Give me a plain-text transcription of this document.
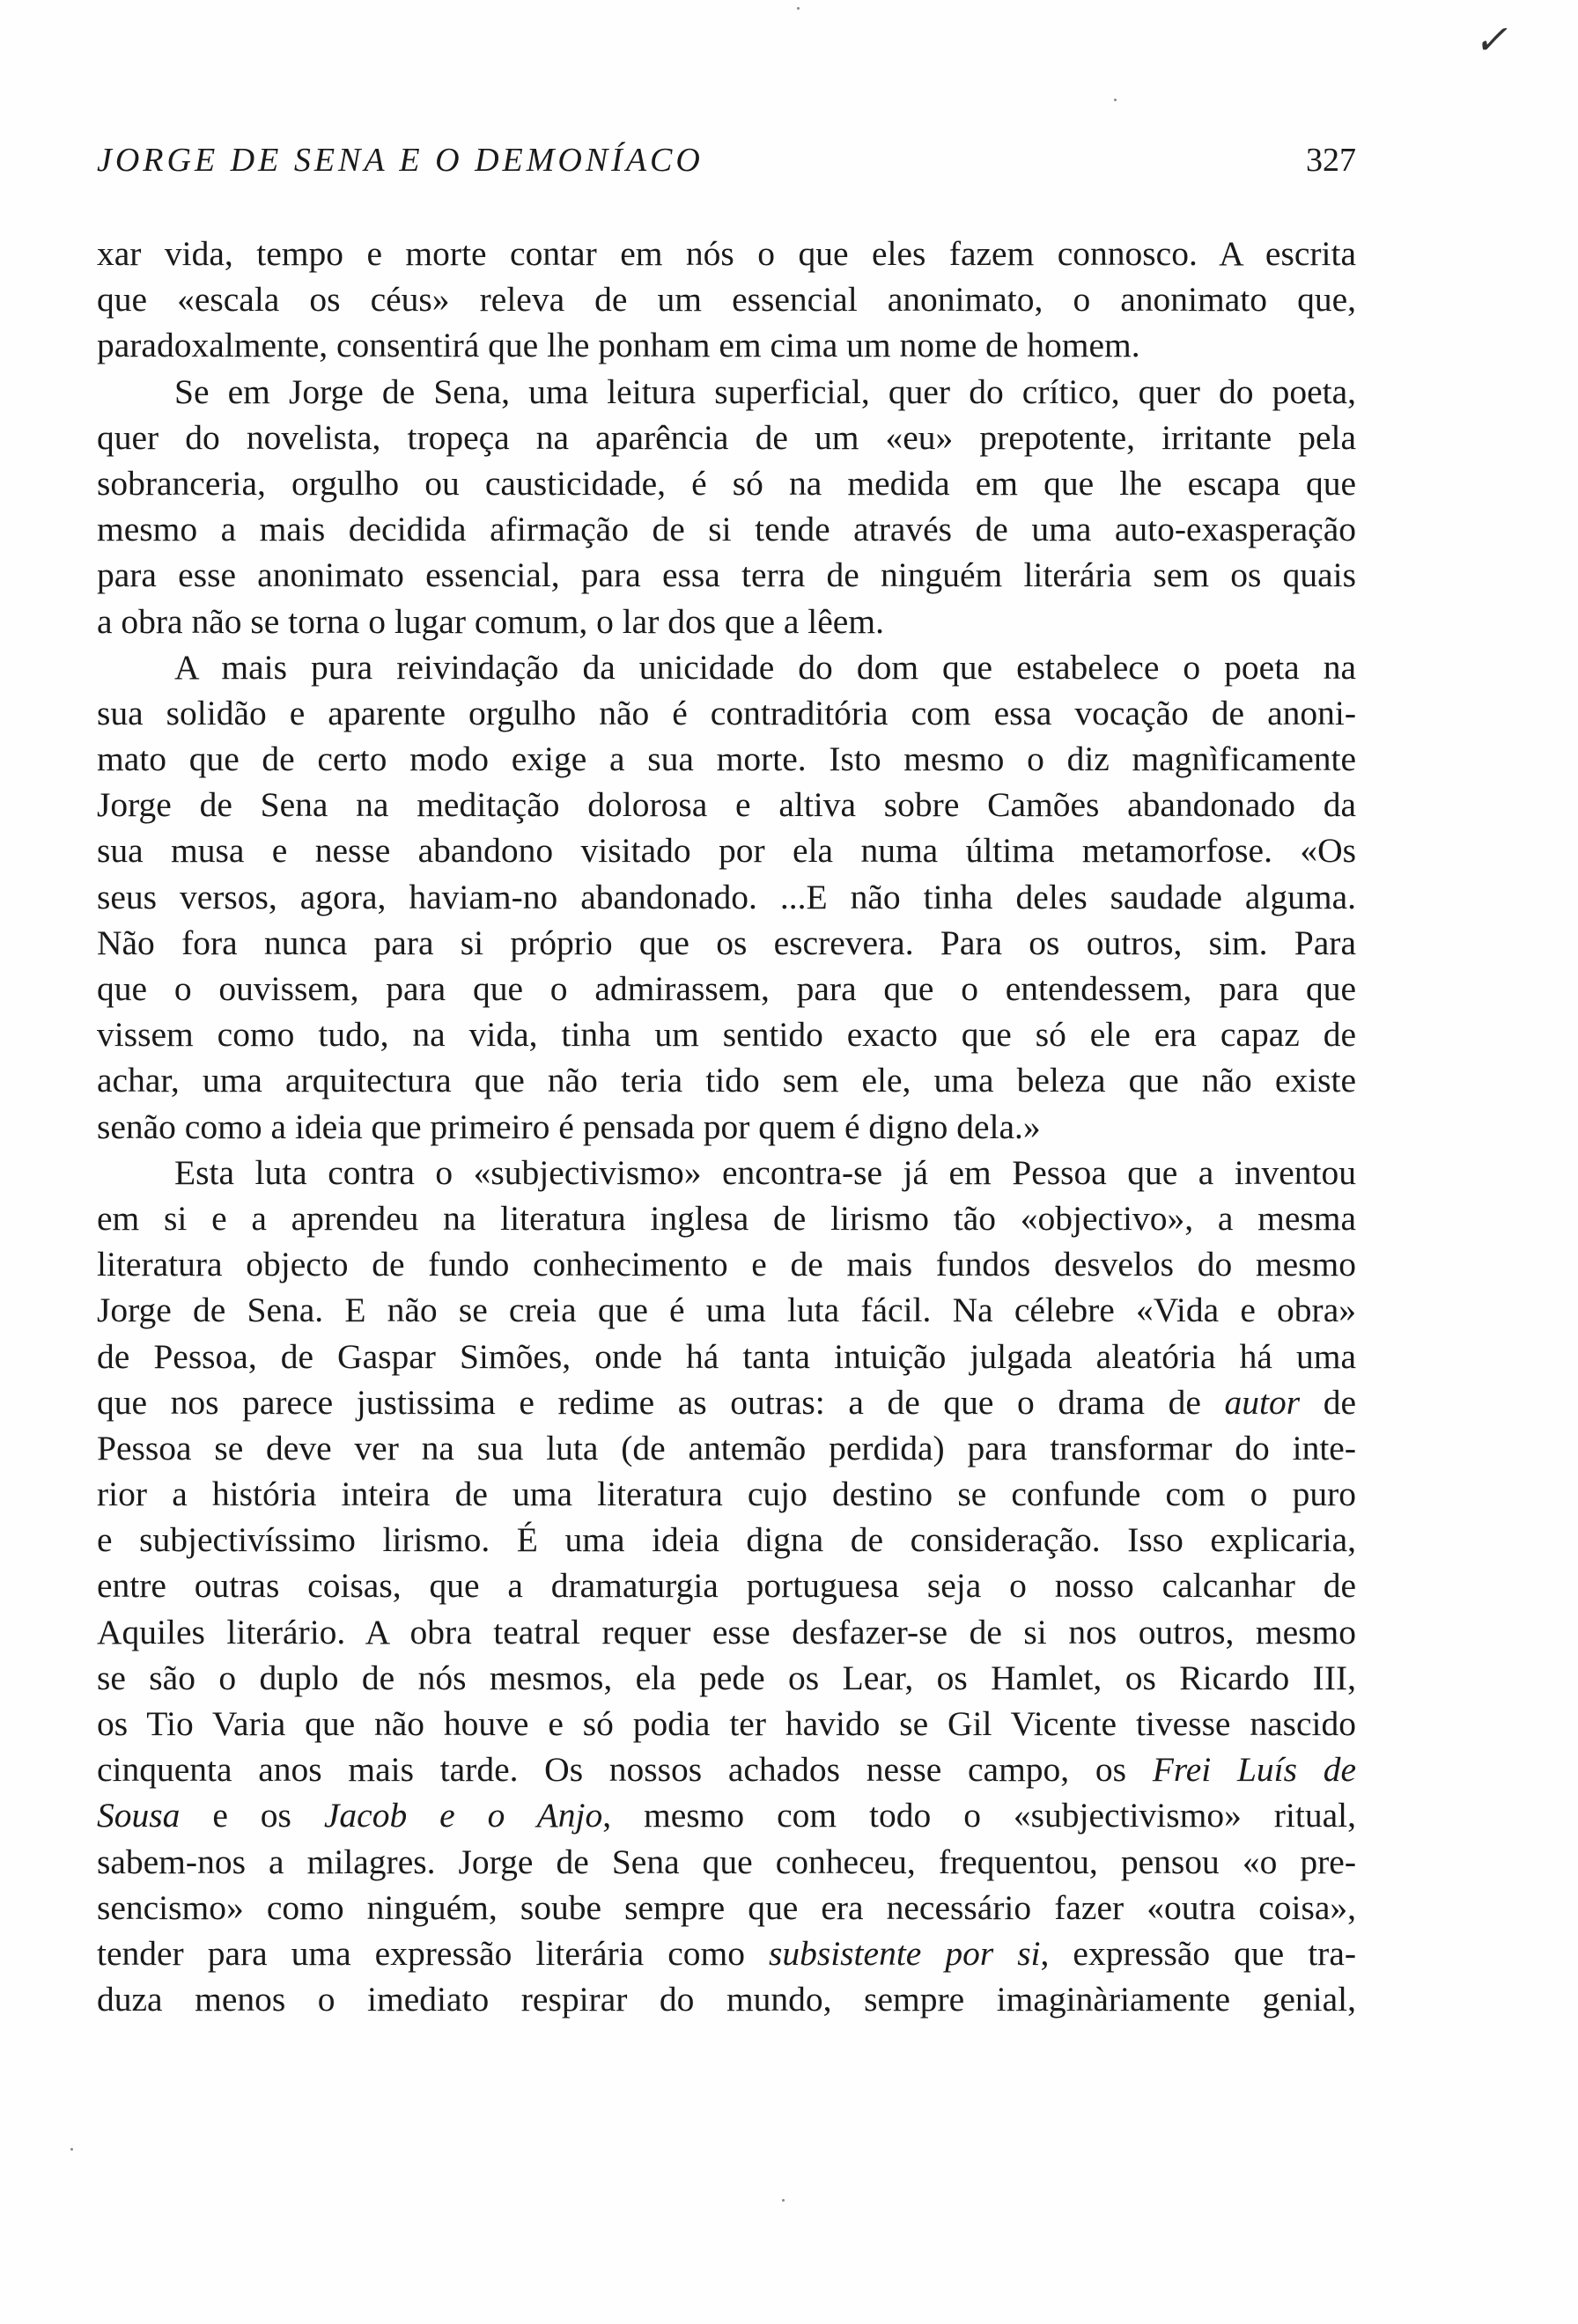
✓
JORGE DE SENA E O DEMONÍACO	327
xar vida, tempo e morte contar em nós o que eles fazem connosco. A escrita
que «escala os céus» releva de um essencial anonimato, o anonimato que,
paradoxalmente, consentirá que lhe ponham em cima um nome de homem.
Se em Jorge de Sena, uma leitura superficial, quer do crítico, quer do poeta,
quer do novelista, tropeça na aparência de um «eu» prepotente, irritante pela
sobranceria, orgulho ou causticidade, é só na medida em que lhe escapa que
mesmo a mais decidida afirmação de si tende através de uma auto-exasperação
para esse anonimato essencial, para essa terra de ninguém literária sem os quais
a obra não se torna o lugar comum, o lar dos que a lêem.
A mais pura reivindação da unicidade do dom que estabelece o poeta na
sua solidão e aparente orgulho não é contraditória com essa vocação de anoni-
mato que de certo modo exige a sua morte. Isto mesmo o diz magnìficamente
Jorge de Sena na meditação dolorosa e altiva sobre Camões abandonado da
sua musa e nesse abandono visitado por ela numa última metamorfose. «Os
seus versos, agora, haviam-no abandonado. ...E não tinha deles saudade alguma.
Não fora nunca para si próprio que os escrevera. Para os outros, sim. Para
que o ouvissem, para que o admirassem, para que o entendessem, para que
vissem como tudo, na vida, tinha um sentido exacto que só ele era capaz de
achar, uma arquitectura que não teria tido sem ele, uma beleza que não existe
senão como a ideia que primeiro é pensada por quem é digno dela.»
Esta luta contra o «subjectivismo» encontra-se já em Pessoa que a inventou
em si e a aprendeu na literatura inglesa de lirismo tão «objectivo», a mesma
literatura objecto de fundo conhecimento e de mais fundos desvelos do mesmo
Jorge de Sena. E não se creia que é uma luta fácil. Na célebre «Vida e obra»
de Pessoa, de Gaspar Simões, onde há tanta intuição julgada aleatória há uma
que nos parece justissima e redime as outras: a de que o drama de autor de
Pessoa se deve ver na sua luta (de antemão perdida) para transformar do inte-
rior a história inteira de uma literatura cujo destino se confunde com o puro
e subjectivíssimo lirismo. É uma ideia digna de consideração. Isso explicaria,
entre outras coisas, que a dramaturgia portuguesa seja o nosso calcanhar de
Aquiles literário. A obra teatral requer esse desfazer-se de si nos outros, mesmo
se são o duplo de nós mesmos, ela pede os Lear, os Hamlet, os Ricardo III,
os Tio Varia que não houve e só podia ter havido se Gil Vicente tivesse nascido
cinquenta anos mais tarde. Os nossos achados nesse campo, os Frei Luís de
Sousa e os Jacob e o Anjo, mesmo com todo o «subjectivismo» ritual,
sabem-nos a milagres. Jorge de Sena que conheceu, frequentou, pensou «o pre-
sencismo» como ninguém, soube sempre que era necessário fazer «outra coisa»,
tender para uma expressão literária como subsistente por si, expressão que tra-
duza menos o imediato respirar do mundo, sempre imaginàriamente genial,
